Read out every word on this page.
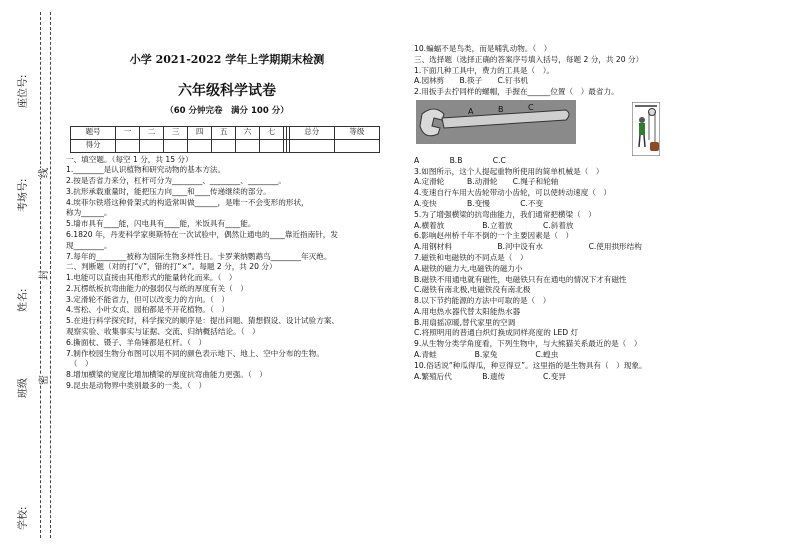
学校:
班级
姓名:
考场号:
座位号:
密
封
线
小学 2021-2022 学年上学期期末检测
六年级科学试卷
（60 分钟完卷　满分 100 分）
题号	一	二	三	四	五	六	七			总分	等级
得分											
一、填空题。（每空 1 分，共 15 分）
1.________是认识植物和研究动物的基本方法。
2.按是否省力来分，杠杆可分为________、________、________。
3.抗形承载重量时，能把压力向____和____传递继续的部分。
4.埃菲尔铁塔这种骨架式的构造常叫做______，是唯一不会变形的形状，
称为______。
5.墙市具有____能，闪电具有____能，米饭具有____能。
6.1820 年，丹麦科学家奥斯特在一次试验中，偶然让通电的____靠近指南针，发
现________。
7.每年的________被称为国际生物多样性日。卡罗莱纳鹦鹉鸟________年灭绝。
二、判断题（对的打“√”，错的打“×”。每题 2 分，共 20 分）
1.电能可以直接由其他形式的能量转化而来。（　）
2.瓦楞纸板抗弯曲能力的强弱仅与纸的厚度有关（　）
3.定滑轮不能省力，但可以改变力的方向。（　）
4.雪松、小叶女贞、园柏都是不开花植物。（　）
5.在进行科学探究时，科学探究的顺序是：提出问题、猜想假设、设计试验方案、
观察实验、收集事实与证据、交流、归纳概括结论。（　）
6.撕面杖、镊子、羊角锤都是杠杆。（　）
7.制作校园生物分布图可以用不同的颜色表示地下、地上、空中分布的生物。
　（　）
8.增加横梁的宽度比增加横梁的厚度抗弯曲能力更强。（　）
9.昆虫是动物界中类别最多的一类。（　）
10.蝙蝠不是鸟类，而是哺乳动物。（　）
三、选择题（选择正确的答案序号填入括号，每题 2 分，共 20 分）
1.下面几种工具中，费力的工具是（　）。
A.园林剪　　B.筷子　　C.钉书机
2.用扳手去拧同样的螺帽，手握在______位置（　）最省力。
A	B	C
A　　　　B.B　　　　C.C
3.如图所示，这个人提起重物所使用的简单机械是（　）
A.定滑轮　　　B.动滑轮　　C.绳子和轮轴
4.变速自行车用大齿轮带动小齿轮，可以使转动速度（　）
A.变快　　　　B.变慢　　　　C.不变
5.为了增强横梁的抗弯曲能力，我们通常把横梁（　）
A.横着放　　　　　B.立着放　　　　C.斜着放
6.影响赵州桥千年不倒的一个主要因素是（　）
A.用钢材料　　　　　　B.河中设有水　　　　　　C.使用拱形结构
7.磁铁和电磁铁的不同点是（　）
A.磁铁的磁力大,电磁铁的磁力小
B.磁铁不用通电就有磁性，电磁铁只有在通电的情况下才有磁性
C.磁铁有南北极,电磁铁没有南北极
8.以下节约能源的方法中可取的是（　）
A.用电热水器代替太阳能热水器
B.用扇摇凉暖,替代家里的空调
C.将照明用的普通白炽灯换成同样亮度的 LED 灯
9.从生物分类学角度看，下列生物中，与大熊猫关系最近的是（　）
A.青蛙　　　　　B.家兔　　　　　C.蝗虫
10.俗话说“种瓜得瓜，种豆得豆”。这里指的是生物具有（　）现象。
A.繁殖后代　　　　B.遗传　　　　　C.变异
